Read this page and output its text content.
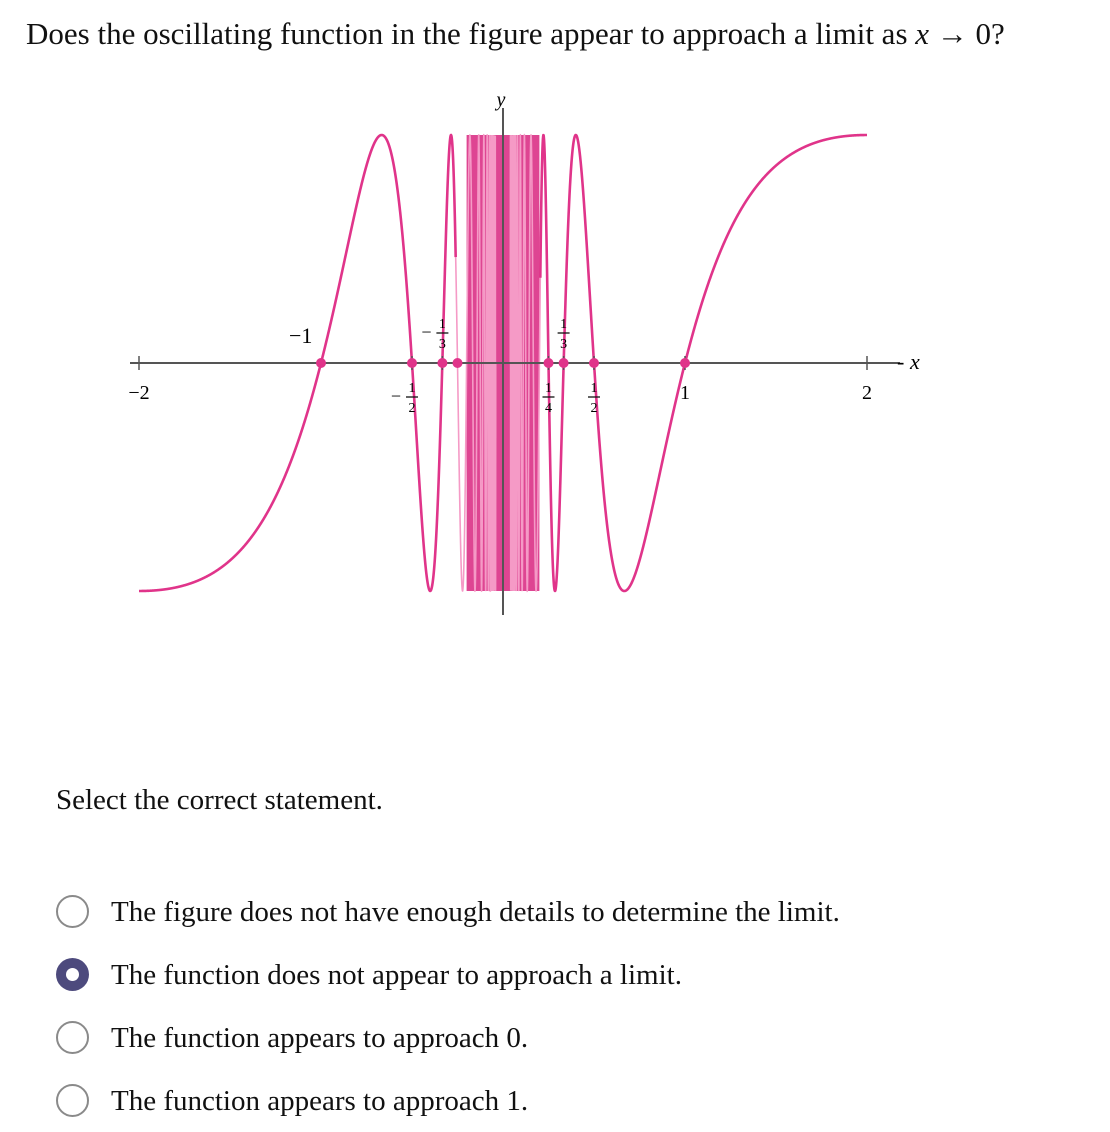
Does the oscillating function in the figure appear to approach a limit as x → 0?
−2	1	2
1
2
−
1
3
−	1
3
1
4
1
2
y
x
-
−1
Select the correct statement.
The figure does not have enough details to determine the limit.
The function does not appear to approach a limit.
The function appears to approach 0.
The function appears to approach 1.
